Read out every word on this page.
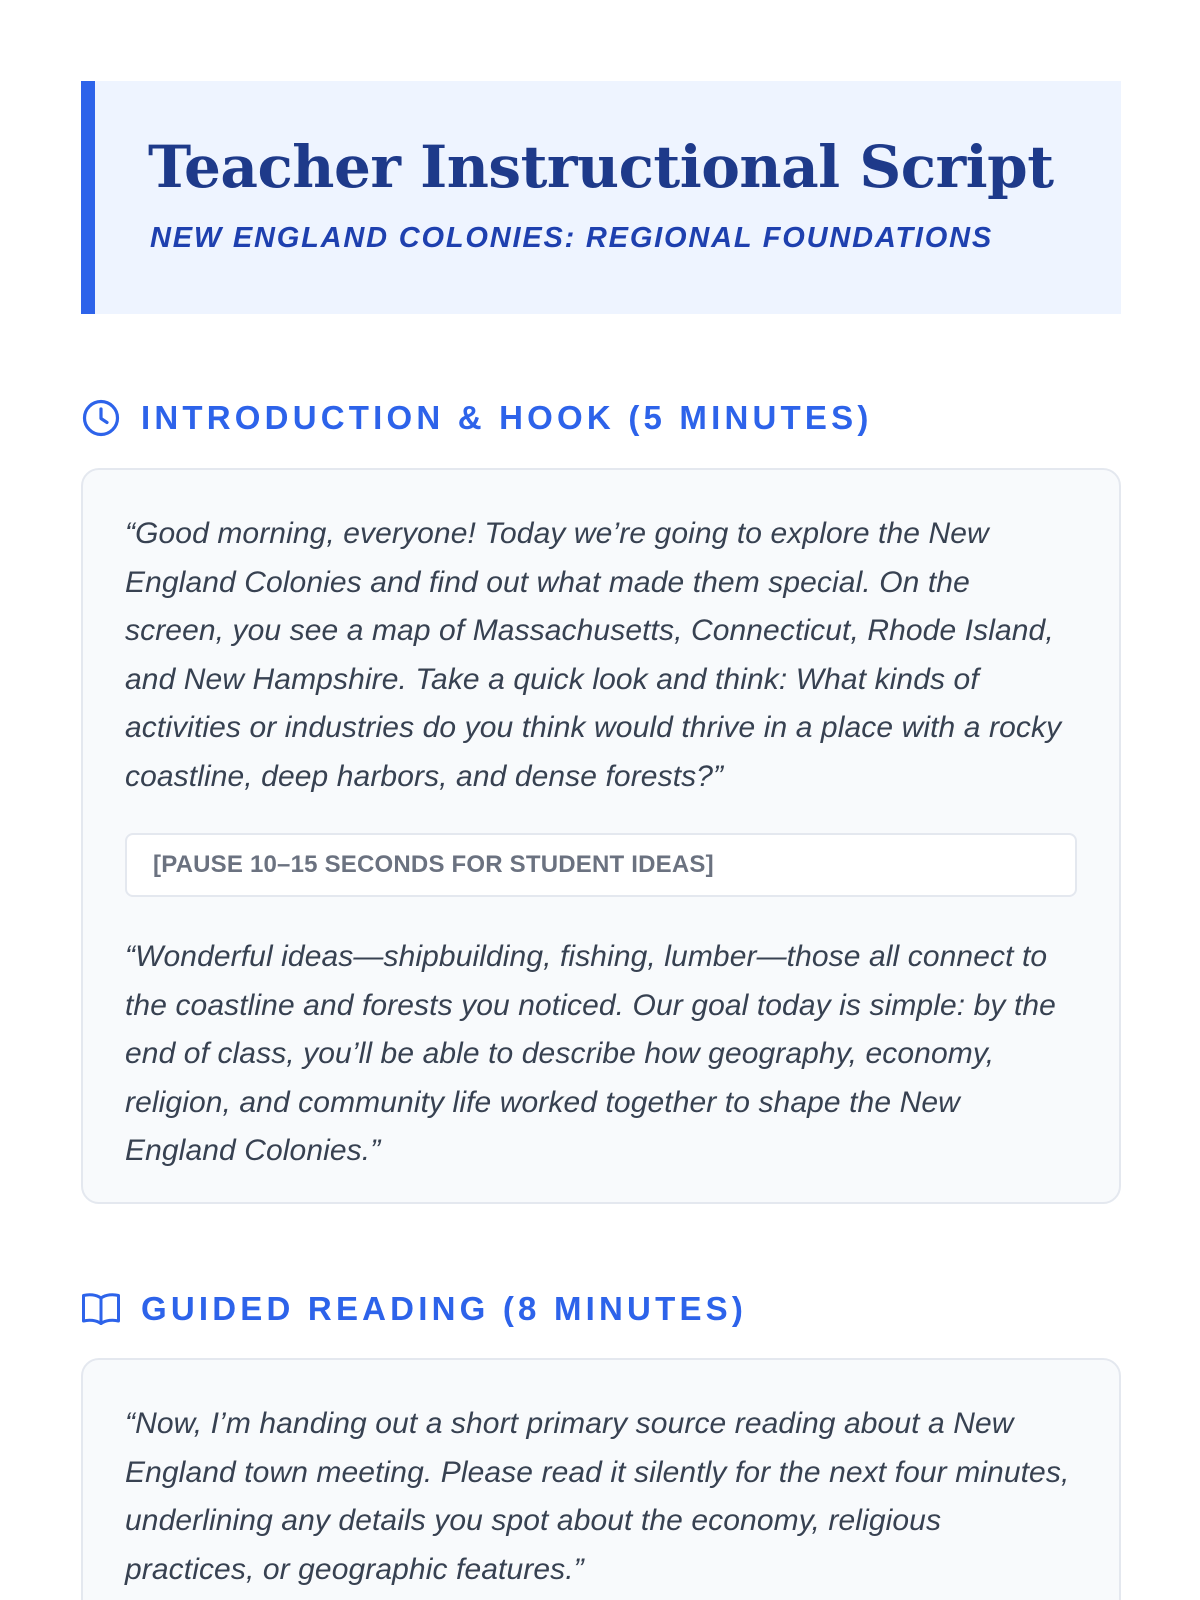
Teacher Instructional Script

NEW ENGLAND COLONIES: REGIONAL FOUNDATIONS

INTRODUCTION & HOOK (5 MINUTES)

“Good morning, everyone! Today we’re going to explore the New England Colonies and find out what made them special. On the screen, you see a map of Massachusetts, Connecticut, Rhode Island, and New Hampshire. Take a quick look and think: What kinds of activities or industries do you think would thrive in a place with a rocky coastline, deep harbors, and dense forests?”

[PAUSE 10–15 SECONDS FOR STUDENT IDEAS]

“Wonderful ideas—shipbuilding, fishing, lumber—those all connect to the coastline and forests you noticed. Our goal today is simple: by the end of class, you’ll be able to describe how geography, economy, religion, and community life worked together to shape the New England Colonies.”

GUIDED READING (8 MINUTES)

“Now, I’m handing out a short primary source reading about a New England town meeting. Please read it silently for the next four minutes, underlining any details you spot about the economy, religious practices, or geographic features.”
